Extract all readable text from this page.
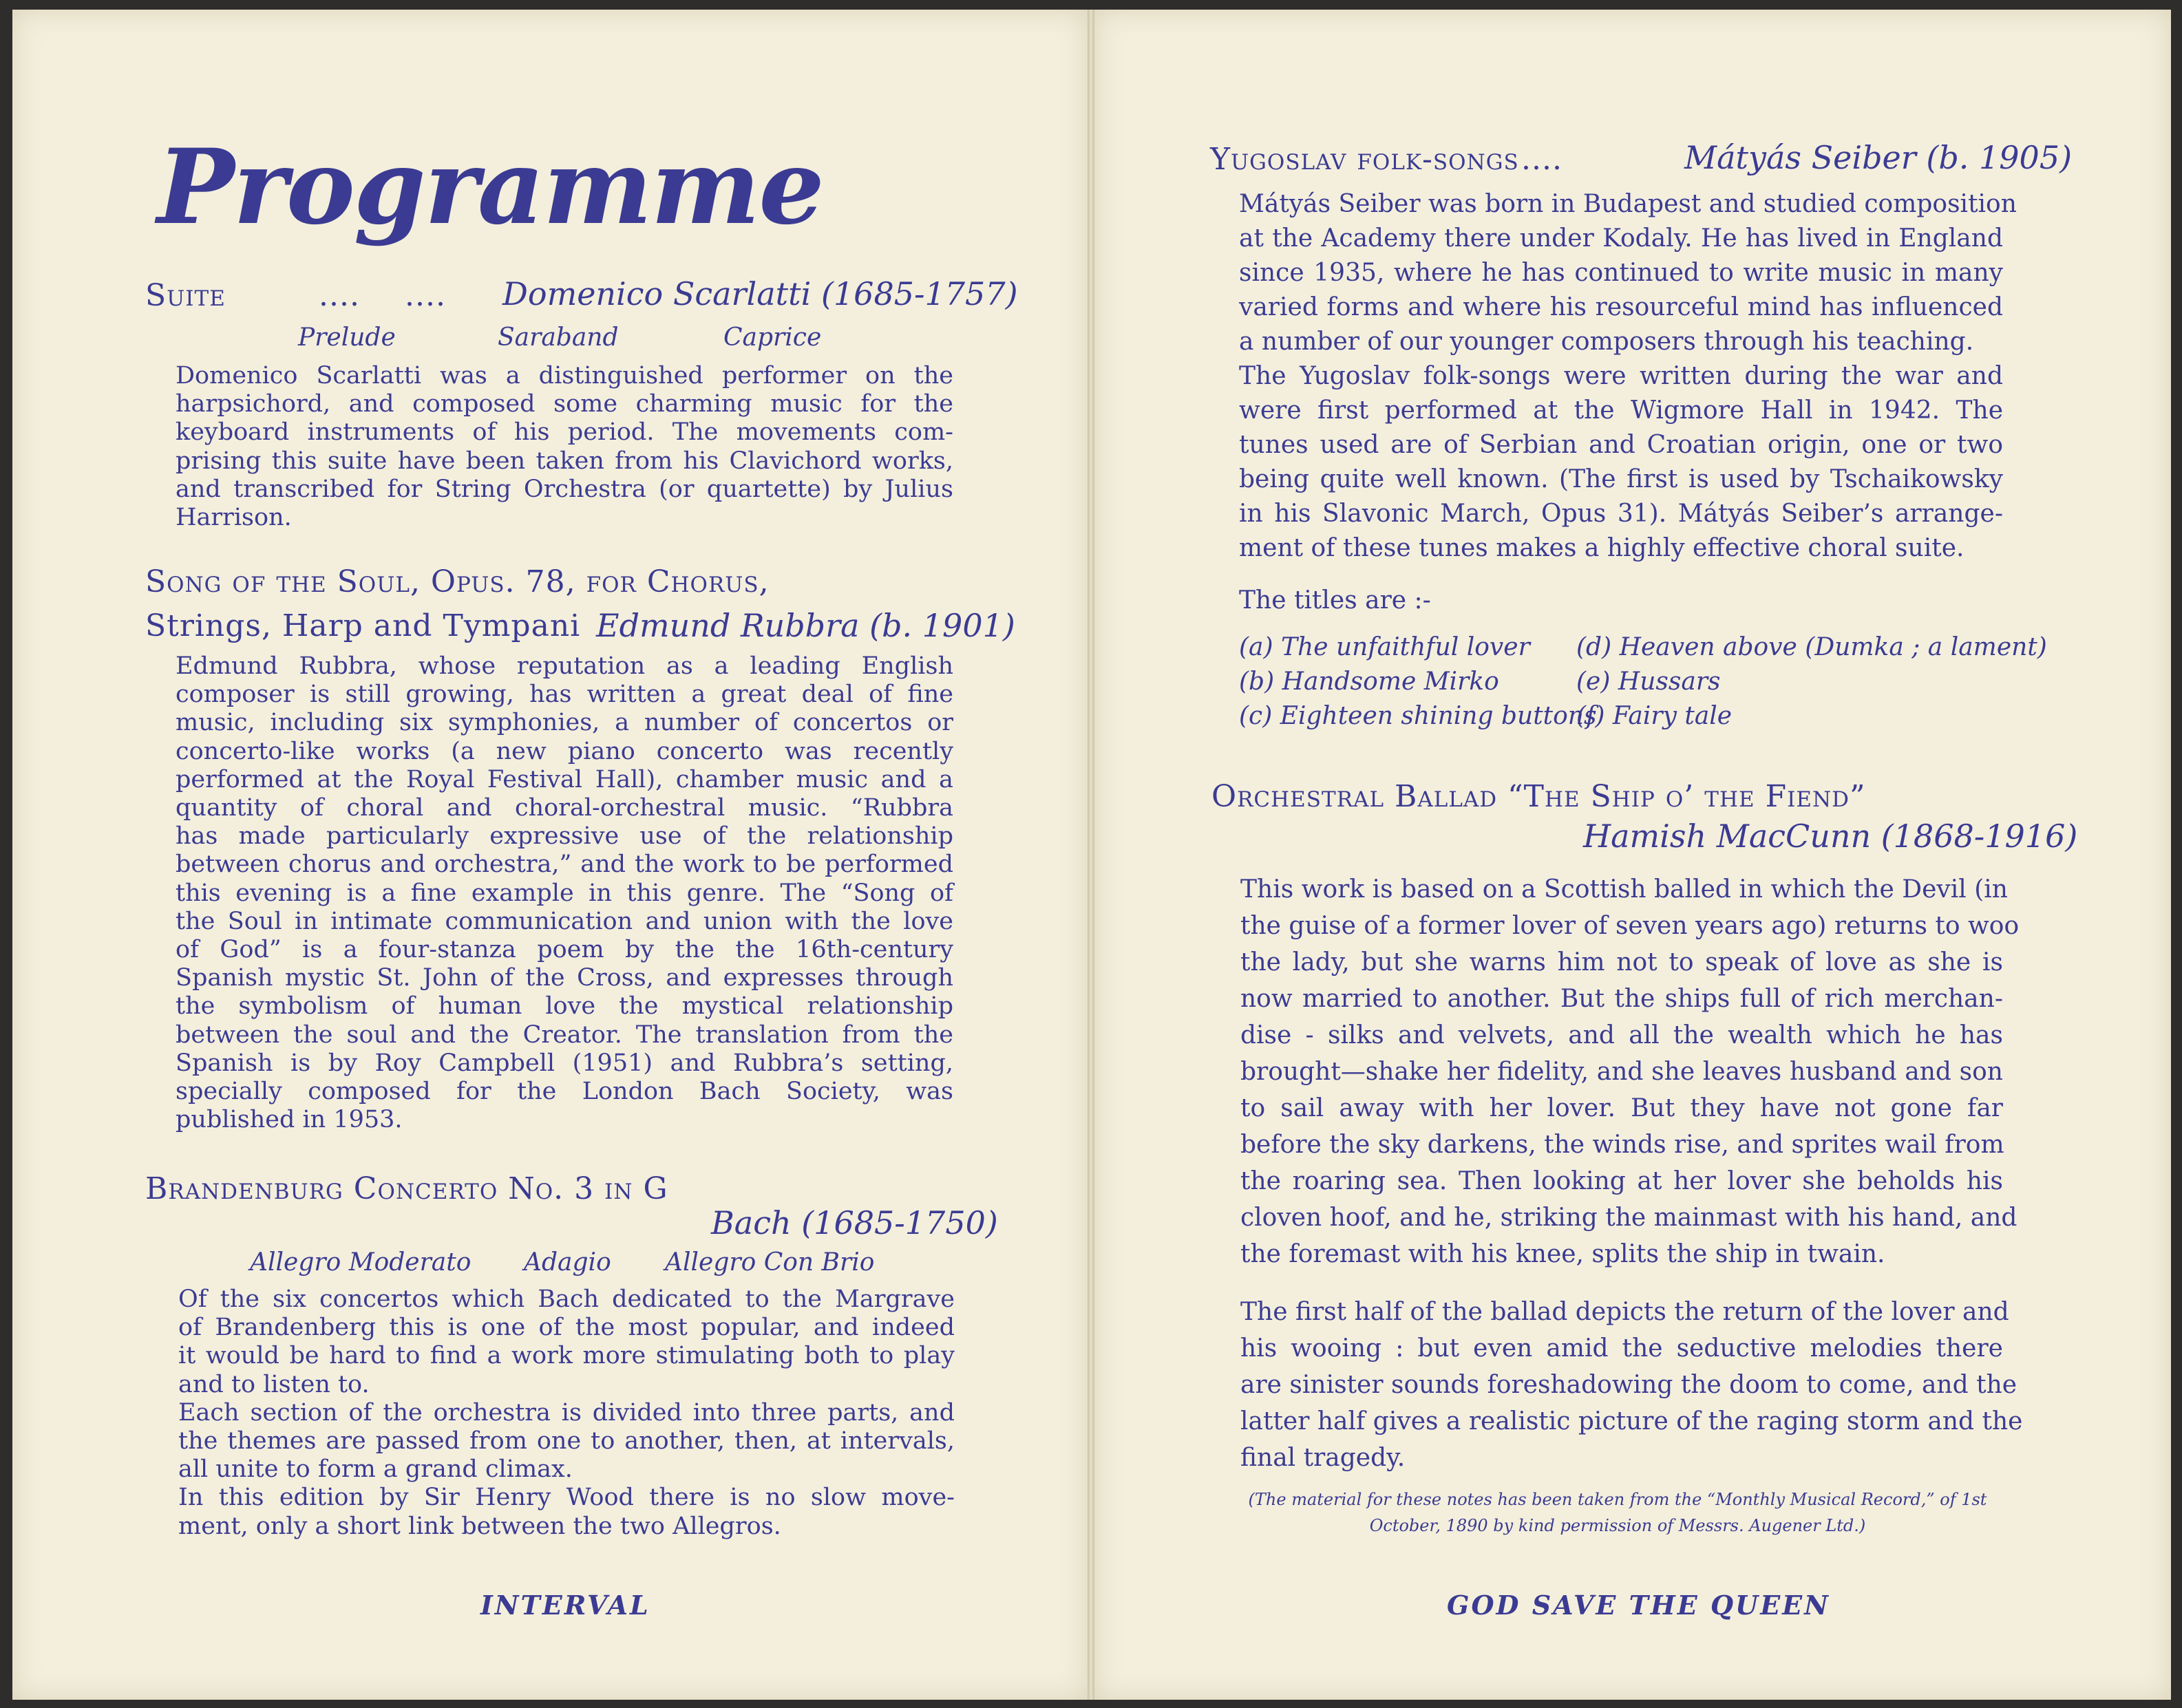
Programme
Suite	.... .... Domenico Scarlatti (1685-1757)
Prelude	Saraband	Caprice
Domenico Scarlatti was a distinguished performer on the
harpsichord, and composed some charming music for the
keyboard instruments of his period. The movements com-
prising this suite have been taken from his Clavichord works,
and transcribed for String Orchestra (or quartette) by Julius
Harrison.
Song of the Soul, Opus. 78, for Chorus,
Strings, Harp and Tympani Edmund Rubbra (b. 1901)
Edmund Rubbra, whose reputation as a leading English
composer is still growing, has written a great deal of fine
music, including six symphonies, a number of concertos or
concerto-like works (a new piano concerto was recently
performed at the Royal Festival Hall), chamber music and a
quantity of choral and choral-orchestral music. “Rubbra
has made particularly expressive use of the relationship
between chorus and orchestra,” and the work to be performed
this evening is a fine example in this genre. The “Song of
the Soul in intimate communication and union with the love
of God” is a four-stanza poem by the the 16th-century
Spanish mystic St. John of the Cross, and expresses through
the symbolism of human love the mystical relationship
between the soul and the Creator. The translation from the
Spanish is by Roy Campbell (1951) and Rubbra’s setting,
specially composed for the London Bach Society, was
published in 1953.
Brandenburg Concerto No. 3 in G
Bach (1685-1750)
Allegro Moderato Adagio Allegro Con Brio
Of the six concertos which Bach dedicated to the Margrave
of Brandenberg this is one of the most popular, and indeed
it would be hard to find a work more stimulating both to play
and to listen to.
Each section of the orchestra is divided into three parts, and
the themes are passed from one to another, then, at intervals,
all unite to form a grand climax.
In this edition by Sir Henry Wood there is no slow move-
ment, only a short link between the two Allegros.
INTERVAL
Yugoslav folk-songs ....	Mátyás Seiber (b. 1905)
Mátyás Seiber was born in Budapest and studied composition
at the Academy there under Kodaly. He has lived in England
since 1935, where he has continued to write music in many
varied forms and where his resourceful mind has influenced
a number of our younger composers through his teaching.
The Yugoslav folk-songs were written during the war and
were first performed at the Wigmore Hall in 1942. The
tunes used are of Serbian and Croatian origin, one or two
being quite well known. (The first is used by Tschaikowsky
in his Slavonic March, Opus 31). Mátyás Seiber’s arrange-
ment of these tunes makes a highly effective choral suite.
The titles are :-
(a) The unfaithful lover
(b) Handsome Mirko
(c) Eighteen shining buttons
(d) Heaven above (Dumka ; a lament)
(e) Hussars
(f) Fairy tale
Orchestral Ballad “The Ship o’ the Fiend”
Hamish MacCunn (1868-1916)
This work is based on a Scottish balled in which the Devil (in
the guise of a former lover of seven years ago) returns to woo
the lady, but she warns him not to speak of love as she is
now married to another. But the ships full of rich merchan-
dise - silks and velvets, and all the wealth which he has
brought—shake her fidelity, and she leaves husband and son
to sail away with her lover. But they have not gone far
before the sky darkens, the winds rise, and sprites wail from
the roaring sea. Then looking at her lover she beholds his
cloven hoof, and he, striking the mainmast with his hand, and
the foremast with his knee, splits the ship in twain.
The first half of the ballad depicts the return of the lover and
his wooing : but even amid the seductive melodies there
are sinister sounds foreshadowing the doom to come, and the
latter half gives a realistic picture of the raging storm and the
final tragedy.
(The material for these notes has been taken from the “Monthly Musical Record,” of 1st
October, 1890 by kind permission of Messrs. Augener Ltd.)
GOD SAVE THE QUEEN
